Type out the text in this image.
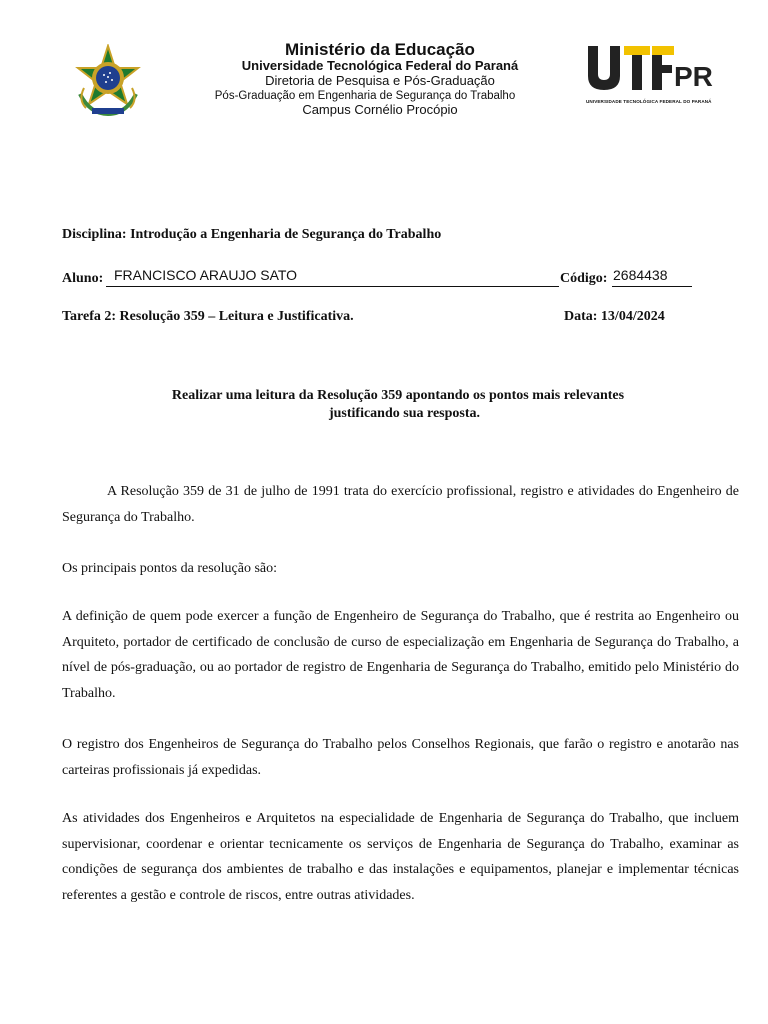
Ministério da Educação
Universidade Tecnológica Federal do Paraná
Diretoria de Pesquisa e Pós-Graduação
Pós-Graduação em Engenharia de Segurança do Trabalho
Campus Cornélio Procópio
PR
UNIVERSIDADE TECNOLÓGICA FEDERAL DO PARANÁ
Disciplina: Introdução a Engenharia de Segurança do Trabalho
Aluno: FRANCISCO ARAUJO SATO	Código: 2684438
Tarefa 2: Resolução 359 – Leitura e Justificativa.	Data: 13/04/2024
Realizar uma leitura da Resolução 359 apontando os pontos mais relevantes
justificando sua resposta.
A Resolução 359 de 31 de julho de 1991 trata do exercício profissional, registro e atividades do Engenheiro de Segurança do Trabalho.
Os principais pontos da resolução são:
A definição de quem pode exercer a função de Engenheiro de Segurança do Trabalho, que é restrita ao Engenheiro ou Arquiteto, portador de certificado de conclusão de curso de especialização em Engenharia de Segurança do Trabalho, a nível de pós-graduação, ou ao portador de registro de Engenharia de Segurança do Trabalho, emitido pelo Ministério do Trabalho.
O registro dos Engenheiros de Segurança do Trabalho pelos Conselhos Regionais, que farão o registro e anotarão nas carteiras profissionais já expedidas.
As atividades dos Engenheiros e Arquitetos na especialidade de Engenharia de Segurança do Trabalho, que incluem supervisionar, coordenar e orientar tecnicamente os serviços de Engenharia de Segurança do Trabalho, examinar as condições de segurança dos ambientes de trabalho e das instalações e equipamentos, planejar e implementar técnicas referentes a gestão e controle de riscos, entre outras atividades.
